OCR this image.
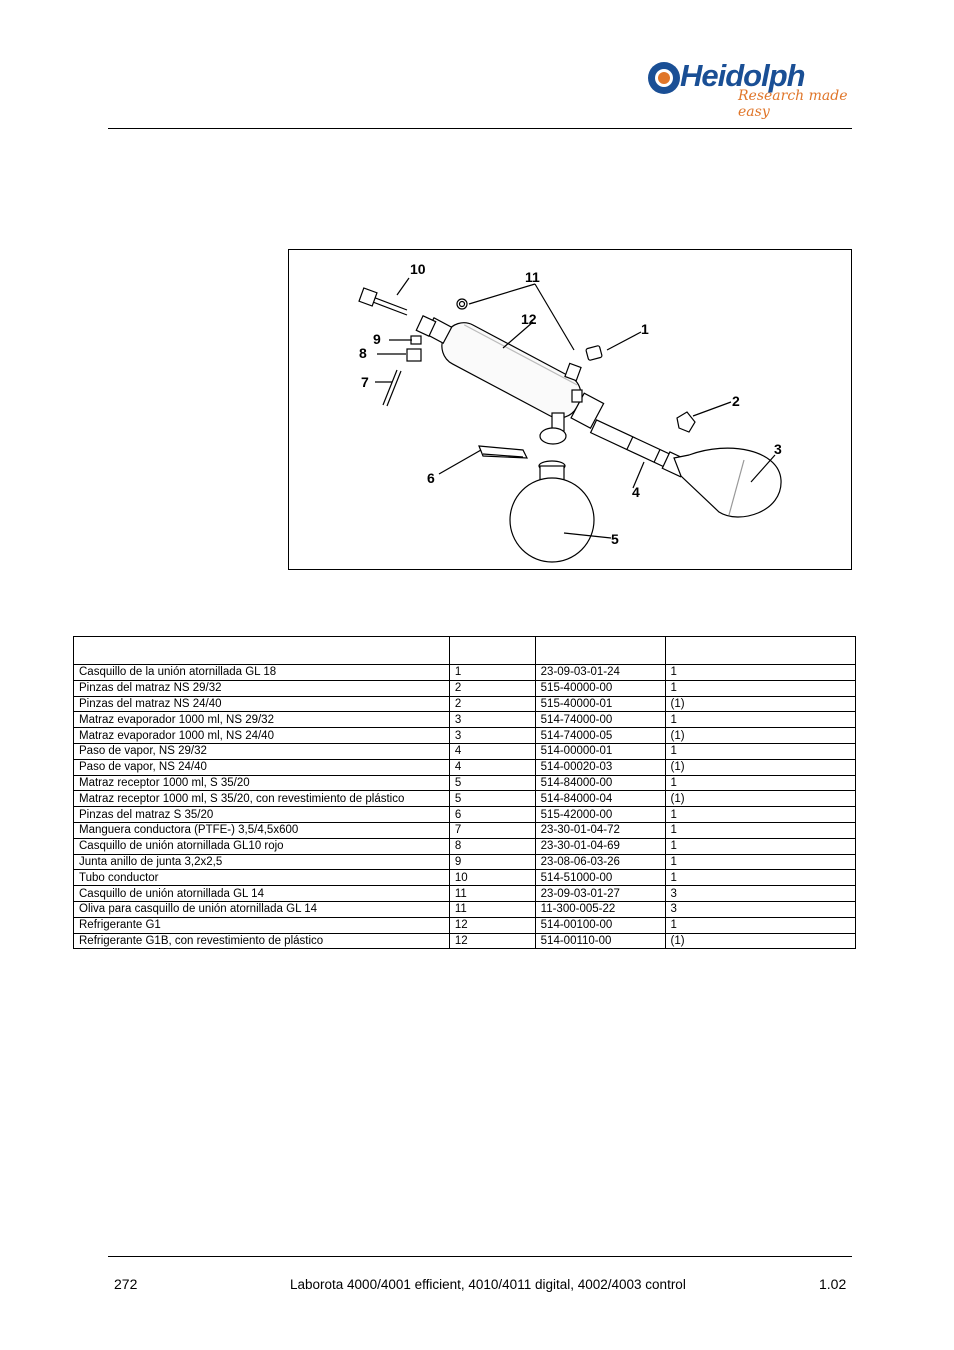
Heidolph
Research made easy
10	11
12
1
9
8
7
2
3
6
4
5

Casquillo de la unión atornillada GL 18	1	23-09-03-01-24	1
Pinzas del matraz NS 29/32	2	515-40000-00	1
Pinzas del matraz NS 24/40	2	515-40000-01	(1)
Matraz evaporador 1000 ml, NS 29/32	3	514-74000-00	1
Matraz evaporador 1000 ml, NS 24/40	3	514-74000-05	(1)
Paso de vapor, NS 29/32	4	514-00000-01	1
Paso de vapor, NS 24/40	4	514-00020-03	(1)
Matraz receptor 1000 ml, S 35/20	5	514-84000-00	1
Matraz receptor 1000 ml, S 35/20, con revestimiento de plástico	5	514-84000-04	(1)
Pinzas del matraz S 35/20	6	515-42000-00	1
Manguera conductora (PTFE-) 3,5/4,5x600	7	23-30-01-04-72	1
Casquillo de unión atornillada GL10 rojo	8	23-30-01-04-69	1
Junta anillo de junta 3,2x2,5	9	23-08-06-03-26	1
Tubo conductor	10	514-51000-00	1
Casquillo de unión atornillada GL 14	11	23-09-03-01-27	3
Oliva para casquillo de unión atornillada GL 14	11	11-300-005-22	3
Refrigerante G1	12	514-00100-00	1
Refrigerante G1B, con revestimiento de plástico	12	514-00110-00	(1)
272	Laborota 4000/4001 efficient, 4010/4011 digital, 4002/4003 control	1.02
